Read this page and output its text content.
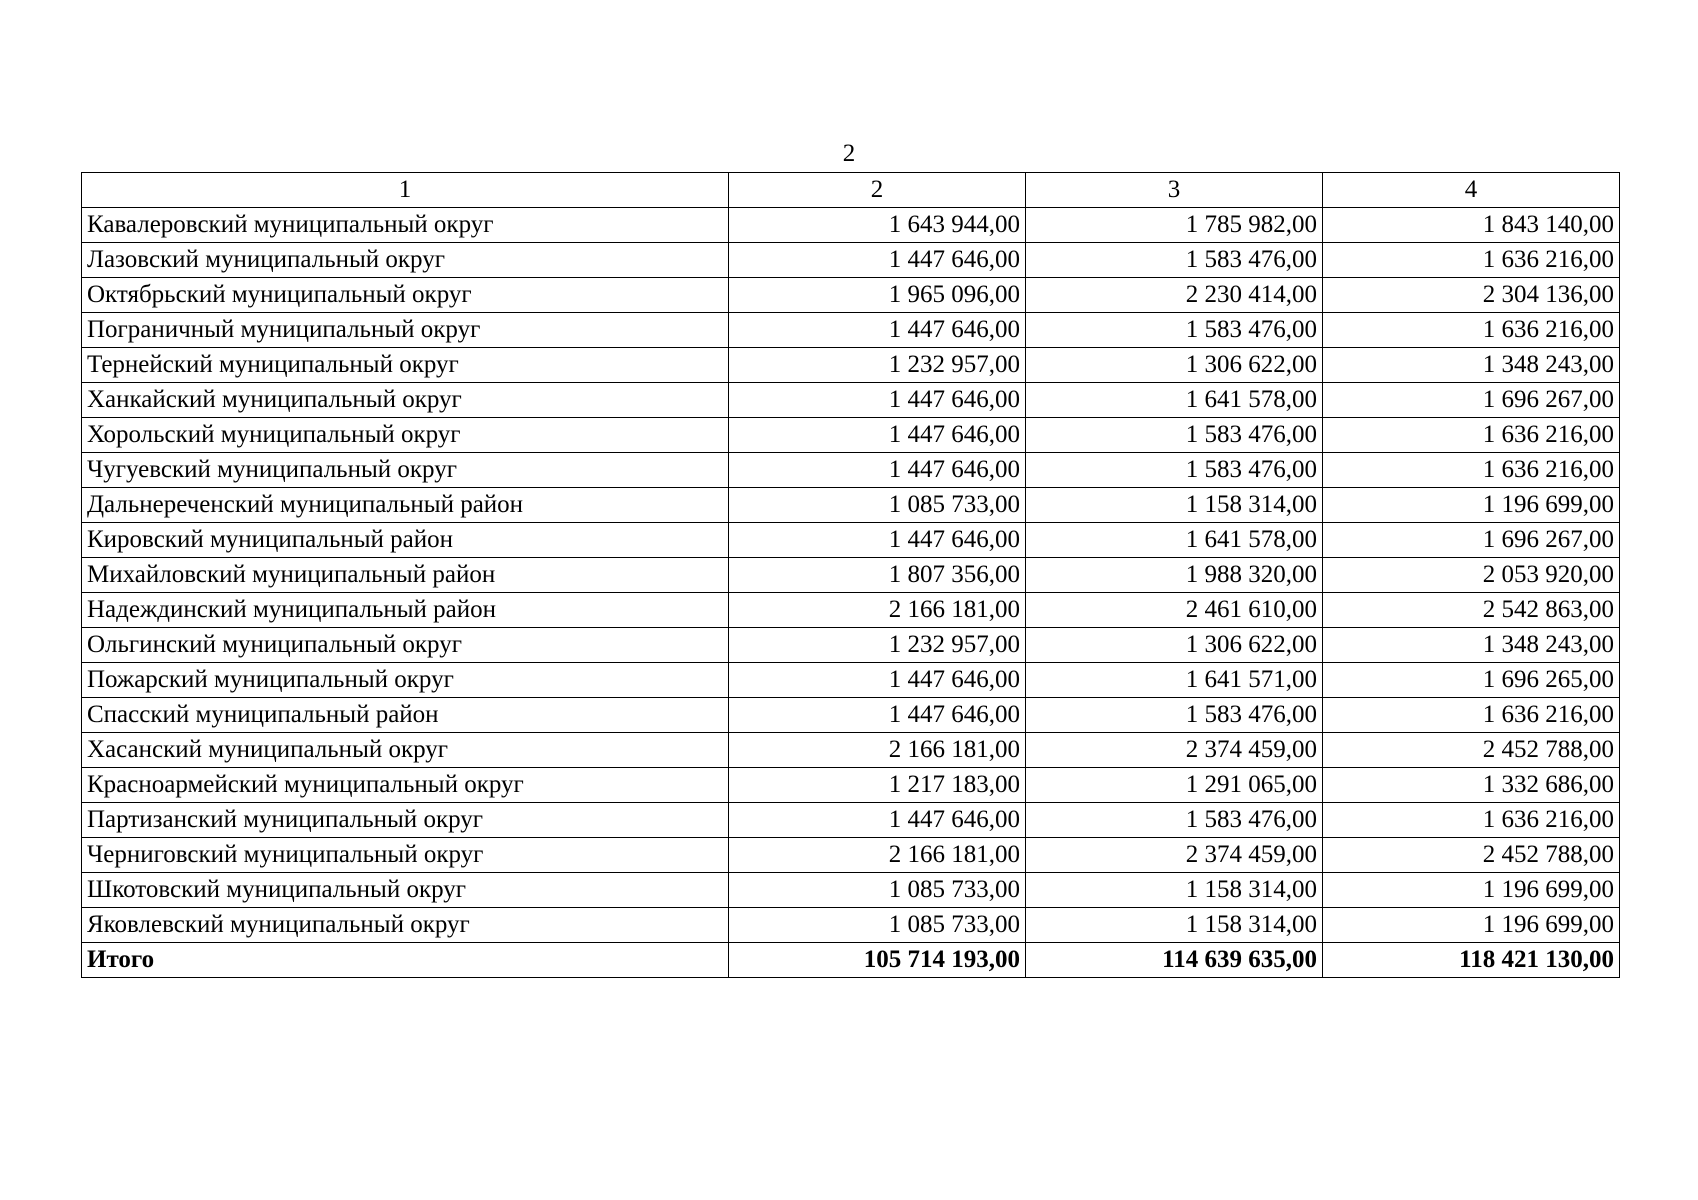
2
1	2	3	4
Кавалеровский муниципальный округ	1 643 944,00	1 785 982,00	1 843 140,00
Лазовский муниципальный округ	1 447 646,00	1 583 476,00	1 636 216,00
Октябрьский муниципальный округ	1 965 096,00	2 230 414,00	2 304 136,00
Пограничный муниципальный округ	1 447 646,00	1 583 476,00	1 636 216,00
Тернейский муниципальный округ	1 232 957,00	1 306 622,00	1 348 243,00
Ханкайский муниципальный округ	1 447 646,00	1 641 578,00	1 696 267,00
Хорольский муниципальный округ	1 447 646,00	1 583 476,00	1 636 216,00
Чугуевский муниципальный округ	1 447 646,00	1 583 476,00	1 636 216,00
Дальнереченский муниципальный район	1 085 733,00	1 158 314,00	1 196 699,00
Кировский муниципальный район	1 447 646,00	1 641 578,00	1 696 267,00
Михайловский муниципальный район	1 807 356,00	1 988 320,00	2 053 920,00
Надеждинский муниципальный район	2 166 181,00	2 461 610,00	2 542 863,00
Ольгинский муниципальный округ	1 232 957,00	1 306 622,00	1 348 243,00
Пожарский муниципальный округ	1 447 646,00	1 641 571,00	1 696 265,00
Спасский муниципальный район	1 447 646,00	1 583 476,00	1 636 216,00
Хасанский муниципальный округ	2 166 181,00	2 374 459,00	2 452 788,00
Красноармейский муниципальный округ	1 217 183,00	1 291 065,00	1 332 686,00
Партизанский муниципальный округ	1 447 646,00	1 583 476,00	1 636 216,00
Черниговский муниципальный округ	2 166 181,00	2 374 459,00	2 452 788,00
Шкотовский муниципальный округ	1 085 733,00	1 158 314,00	1 196 699,00
Яковлевский муниципальный округ	1 085 733,00	1 158 314,00	1 196 699,00
Итого	105 714 193,00	114 639 635,00	118 421 130,00
